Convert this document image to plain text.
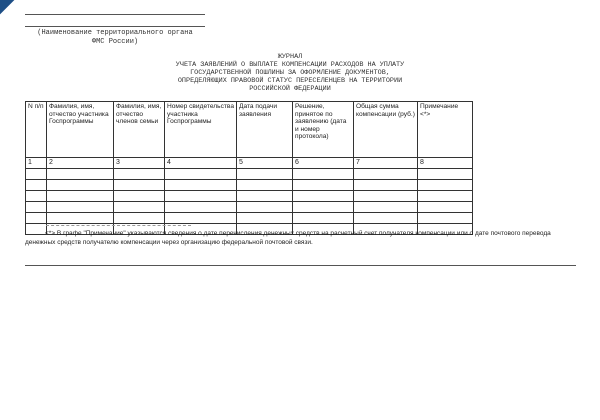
(Наименование территориального органа
ФМС России)
ЖУРНАЛ
УЧЕТА ЗАЯВЛЕНИЙ О ВЫПЛАТЕ КОМПЕНСАЦИИ РАСХОДОВ НА УПЛАТУ
ГОСУДАРСТВЕННОЙ ПОШЛИНЫ ЗА ОФОРМЛЕНИЕ ДОКУМЕНТОВ,
ОПРЕДЕЛЯЮЩИХ ПРАВОВОЙ СТАТУС ПЕРЕСЕЛЕНЦЕВ НА ТЕРРИТОРИИ
РОССИЙСКОЙ ФЕДЕРАЦИИ
N п/п	Фамилия, имя, отчество участника Госпрограммы	Фамилия, имя, отчество членов семьи	Номер свидетельства участника Госпрограммы	Дата подачи заявления	Решение, принятое по заявлению (дата и номер протокола)	Общая сумма компенсации (руб.)	Примечание <*>
1	2	3	4	5	6	7	8

<*> В графе "Примечание" указываются сведения о дате перечисления денежных средств на расчетный счет получателя компенсации или о дате почтового перевода денежных средств получателю компенсации через организацию федеральной почтовой связи.
